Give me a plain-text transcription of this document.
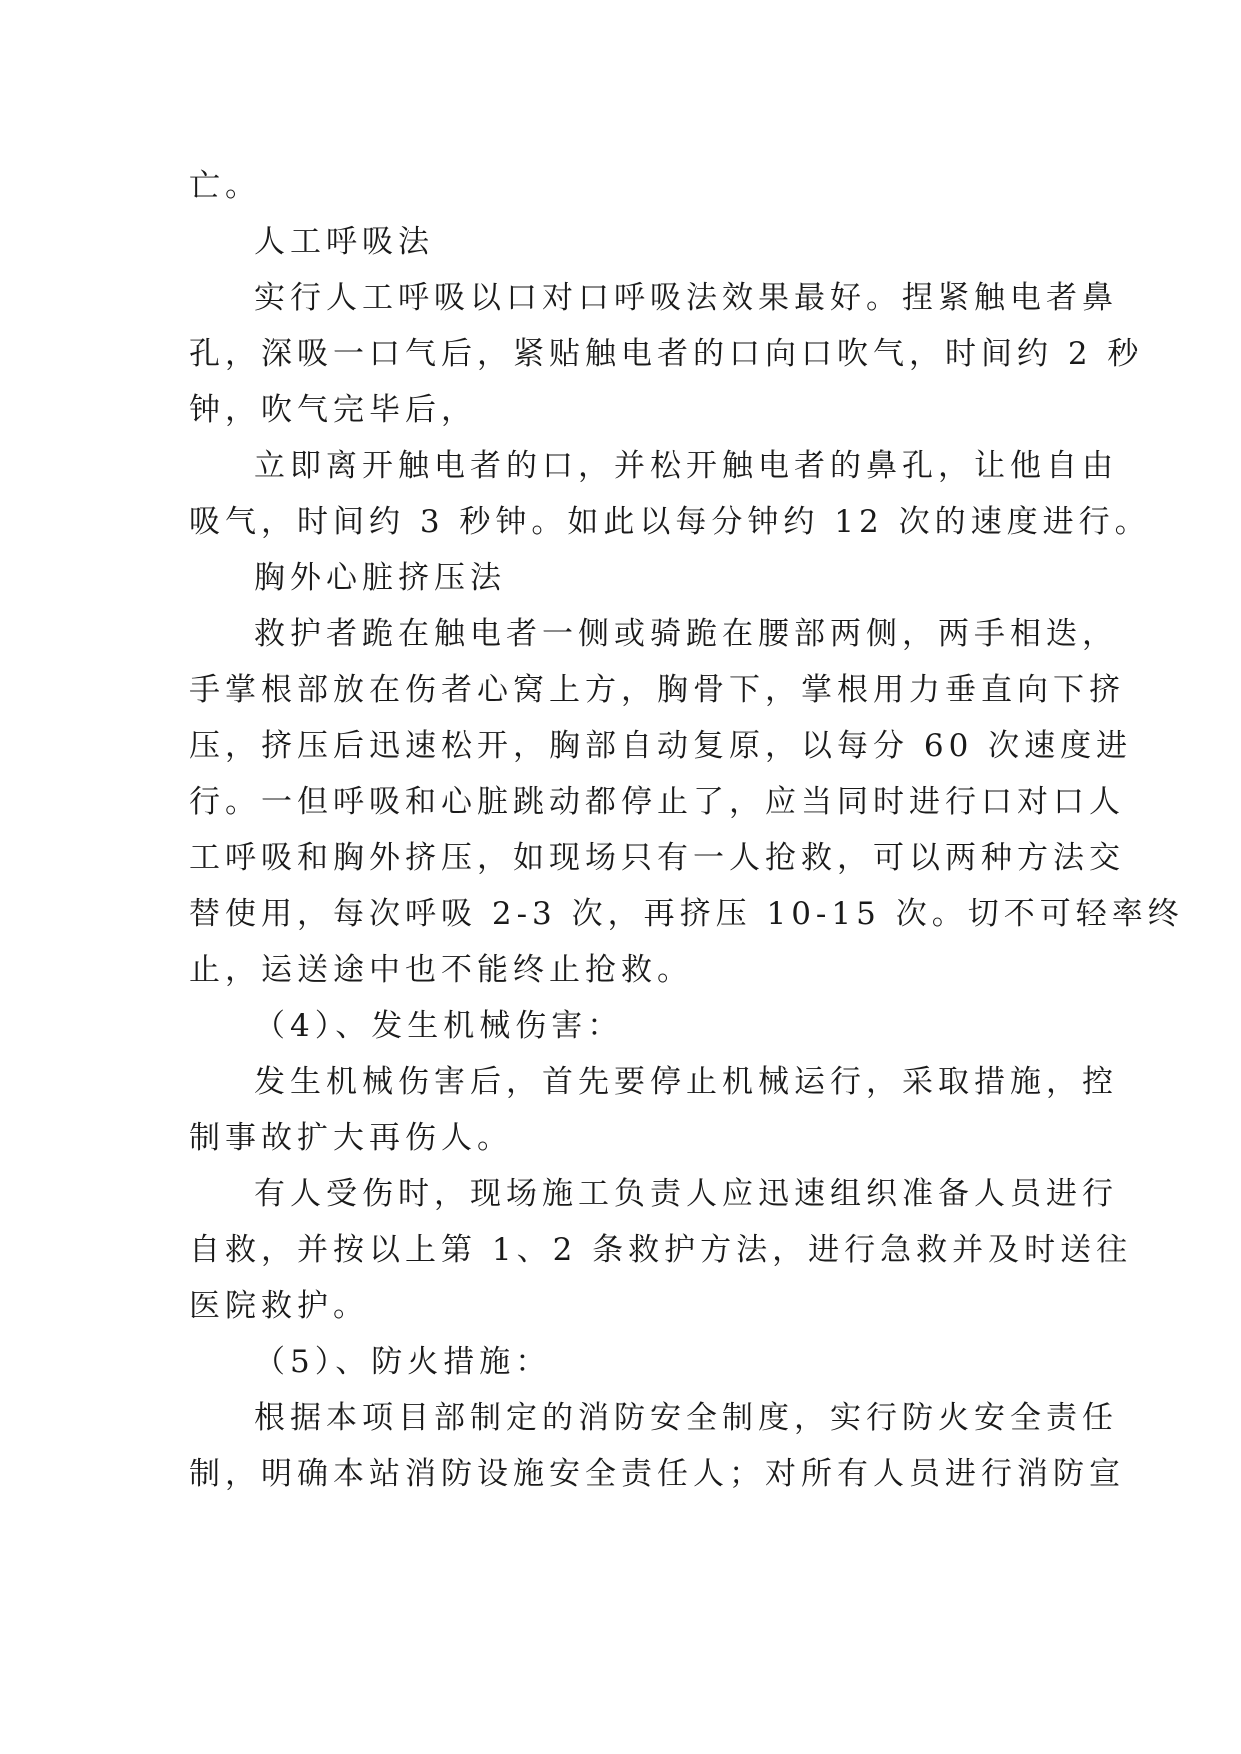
亡。
人工呼吸法
实行人工呼吸以口对口呼吸法效果最好。捏紧触电者鼻
孔，深吸一口气后，紧贴触电者的口向口吹气，时间约 2 秒
钟，吹气完毕后，
立即离开触电者的口，并松开触电者的鼻孔，让他自由
吸气，时间约 3 秒钟。如此以每分钟约 12 次的速度进行。
胸外心脏挤压法
救护者跪在触电者一侧或骑跪在腰部两侧，两手相迭，
手掌根部放在伤者心窝上方，胸骨下，掌根用力垂直向下挤
压，挤压后迅速松开，胸部自动复原，以每分 60 次速度进
行。一但呼吸和心脏跳动都停止了，应当同时进行口对口人
工呼吸和胸外挤压，如现场只有一人抢救，可以两种方法交
替使用，每次呼吸 2-3 次，再挤压 10-15 次。切不可轻率终
止，运送途中也不能终止抢救。
（4）、发生机械伤害：
发生机械伤害后，首先要停止机械运行，采取措施，控
制事故扩大再伤人。
有人受伤时，现场施工负责人应迅速组织准备人员进行
自救，并按以上第 1、2 条救护方法，进行急救并及时送往
医院救护。
（5）、防火措施：
根据本项目部制定的消防安全制度，实行防火安全责任
制，明确本站消防设施安全责任人；对所有人员进行消防宣
